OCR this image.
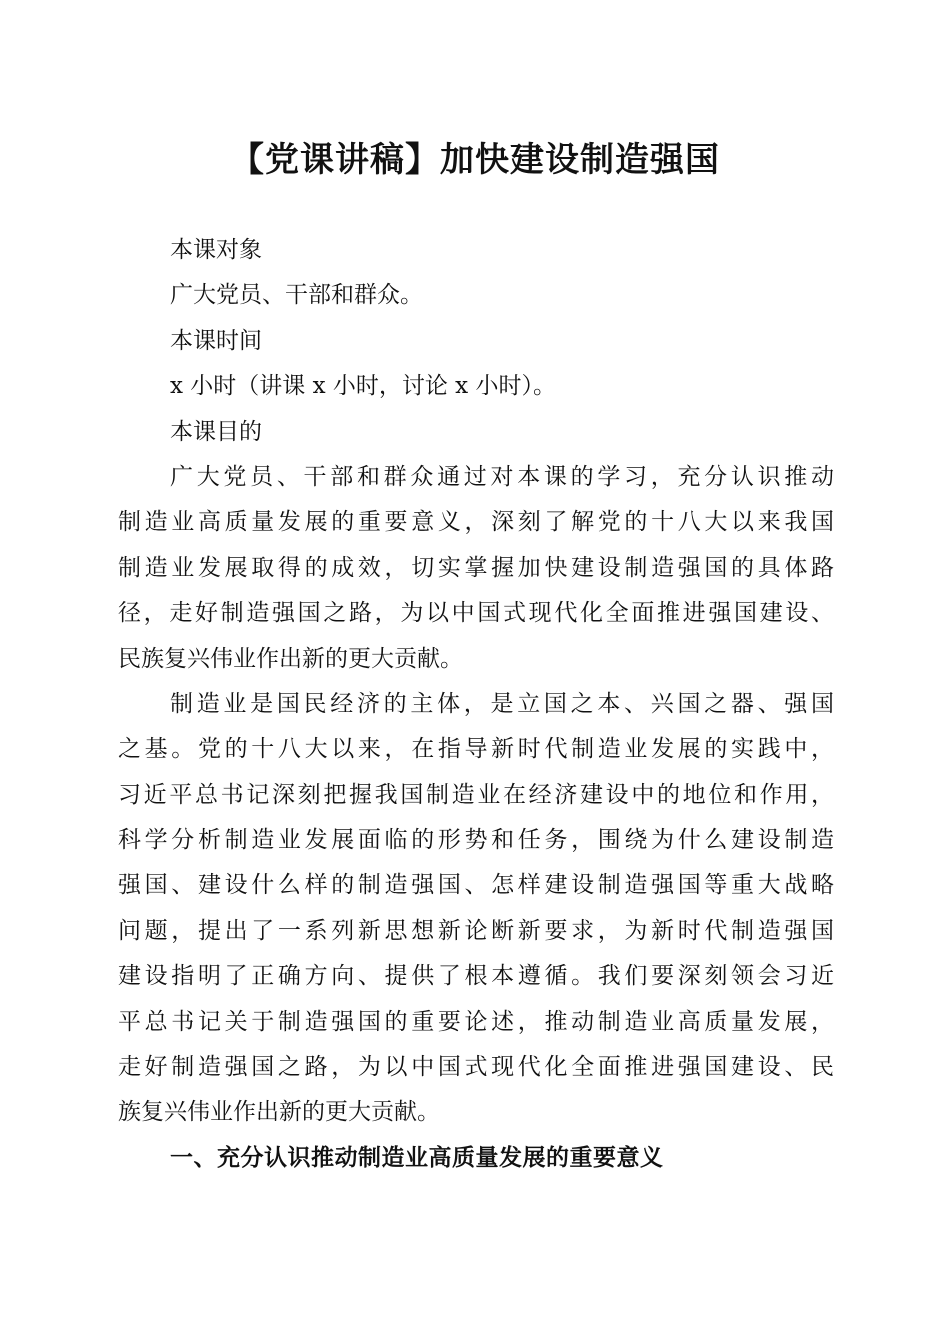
【党课讲稿】加快建设制造强国
本课对象
广大党员、干部和群众。
本课时间
x 小时（讲课 x 小时，讨论 x 小时）。
本课目的
广大党员、干部和群众通过对本课的学习，充分认识推动
制造业高质量发展的重要意义，深刻了解党的十八大以来我国
制造业发展取得的成效，切实掌握加快建设制造强国的具体路
径，走好制造强国之路，为以中国式现代化全面推进强国建设、
民族复兴伟业作出新的更大贡献。
制造业是国民经济的主体，是立国之本、兴国之器、强国
之基。党的十八大以来，在指导新时代制造业发展的实践中，
习近平总书记深刻把握我国制造业在经济建设中的地位和作用，
科学分析制造业发展面临的形势和任务，围绕为什么建设制造
强国、建设什么样的制造强国、怎样建设制造强国等重大战略
问题，提出了一系列新思想新论断新要求，为新时代制造强国
建设指明了正确方向、提供了根本遵循。我们要深刻领会习近
平总书记关于制造强国的重要论述，推动制造业高质量发展，
走好制造强国之路，为以中国式现代化全面推进强国建设、民
族复兴伟业作出新的更大贡献。
一、充分认识推动制造业高质量发展的重要意义
